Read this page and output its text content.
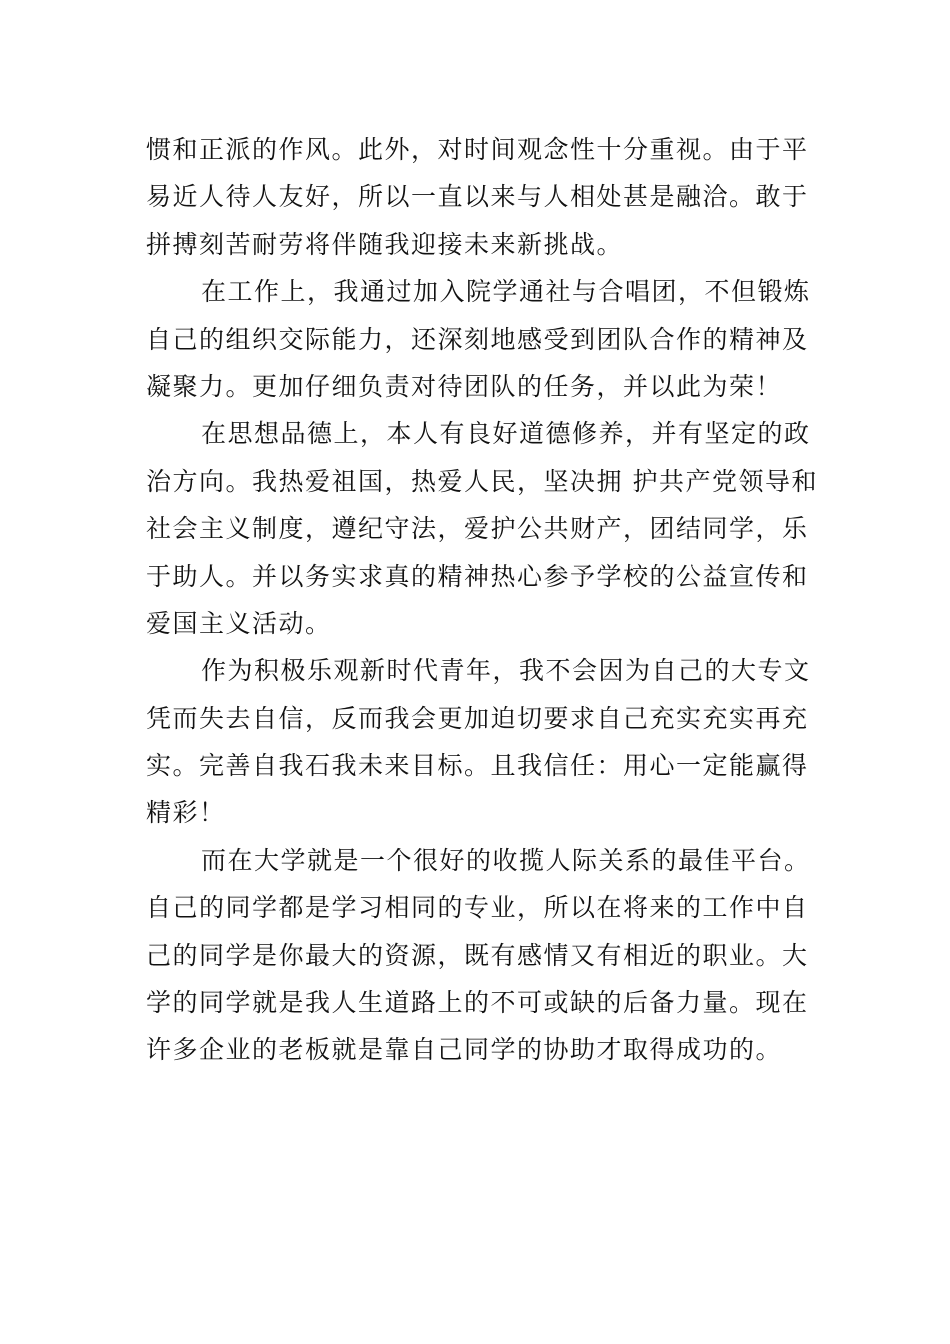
惯和正派的作风。此外，对时间观念性十分重视。由于平
易近人待人友好，所以一直以来与人相处甚是融洽。敢于
拼搏刻苦耐劳将伴随我迎接未来新挑战。
在工作上，我通过加入院学通社与合唱团，不但锻炼
自己的组织交际能力，还深刻地感受到团队合作的精神及
凝聚力。更加仔细负责对待团队的任务，并以此为荣！
在思想品德上，本人有良好道德修养，并有坚定的政
治方向。我热爱祖国，热爱人民，坚决拥 护共产党领导和
社会主义制度，遵纪守法，爱护公共财产，团结同学，乐
于助人。并以务实求真的精神热心参予学校的公益宣传和
爱国主义活动。
作为积极乐观新时代青年，我不会因为自己的大专文
凭而失去自信，反而我会更加迫切要求自己充实充实再充
实。完善自我石我未来目标。且我信任：用心一定能赢得
精彩！
而在大学就是一个很好的收揽人际关系的最佳平台。
自己的同学都是学习相同的专业，所以在将来的工作中自
己的同学是你最大的资源，既有感情又有相近的职业。大
学的同学就是我人生道路上的不可或缺的后备力量。现在
许多企业的老板就是靠自己同学的协助才取得成功的。
